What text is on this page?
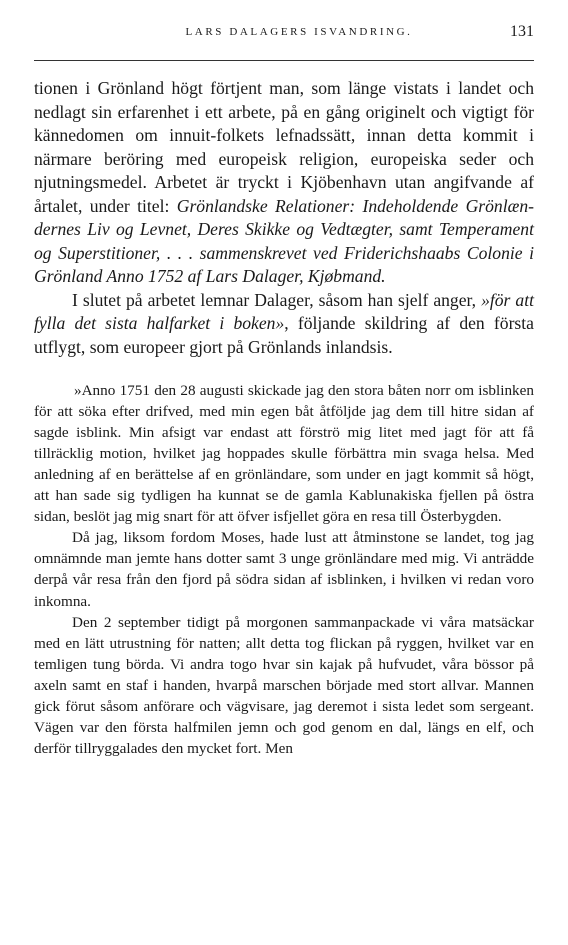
LARS DALAGERS ISVANDRING.	131

tionen i Grönland högt förtjent man, som länge vistats i landet och nedlagt sin erfarenhet i ett arbete, på en gång originelt och vigtigt för kännedomen om innuit-folkets lefnadssätt, innan detta kommit i närmare beröring med europeisk religion, europeiska seder och njutningsmedel. Arbetet är tryckt i Kjöbenhavn utan angifvande af årtalet, under titel: Grönlandske Relationer: Indeholdende Grönlændernes Liv og Levnet, Deres Skikke og Vedtægter, samt Temperament og Superstitioner, . . . sammenskrevet ved Friderichshaabs Colonie i Grönland Anno 1752 af Lars Dalager, Kjøbmand.

I slutet på arbetet lemnar Dalager, såsom han sjelf anger, »för att fylla det sista halfarket i boken», följande skildring af den första utflygt, som europeer gjort på Grönlands inlandsis.

»Anno 1751 den 28 augusti skickade jag den stora båten norr om isblinken för att söka efter drifved, med min egen båt åtföljde jag dem till hitre sidan af sagde isblink. Min afsigt var endast att förströ mig litet med jagt för att få tillräcklig motion, hvilket jag hoppades skulle förbättra min svaga helsa. Med anledning af en berättelse af en grönländare, som under en jagt kommit så högt, att han sade sig tydligen ha kunnat se de gamla Kablunakiska fjellen på östra sidan, beslöt jag mig snart för att öfver isfjellet göra en resa till Österbygden.

Då jag, liksom fordom Moses, hade lust att åtminstone se landet, tog jag omnämnde man jemte hans dotter samt 3 unge grönländare med mig. Vi anträdde derpå vår resa från den fjord på södra sidan af isblinken, i hvilken vi redan voro inkomna.

Den 2 september tidigt på morgonen sammanpackade vi våra matsäckar med en lätt utrustning för natten; allt detta tog flickan på ryggen, hvilket var en temligen tung börda. Vi andra togo hvar sin kajak på hufvudet, våra bössor på axeln samt en staf i handen, hvarpå marschen började med stort allvar. Mannen gick förut såsom anförare och vägvisare, jag deremot i sista ledet som sergeant. Vägen var den första halfmilen jemn och god genom en dal, längs en elf, och derför tillryggalades den mycket fort. Men
